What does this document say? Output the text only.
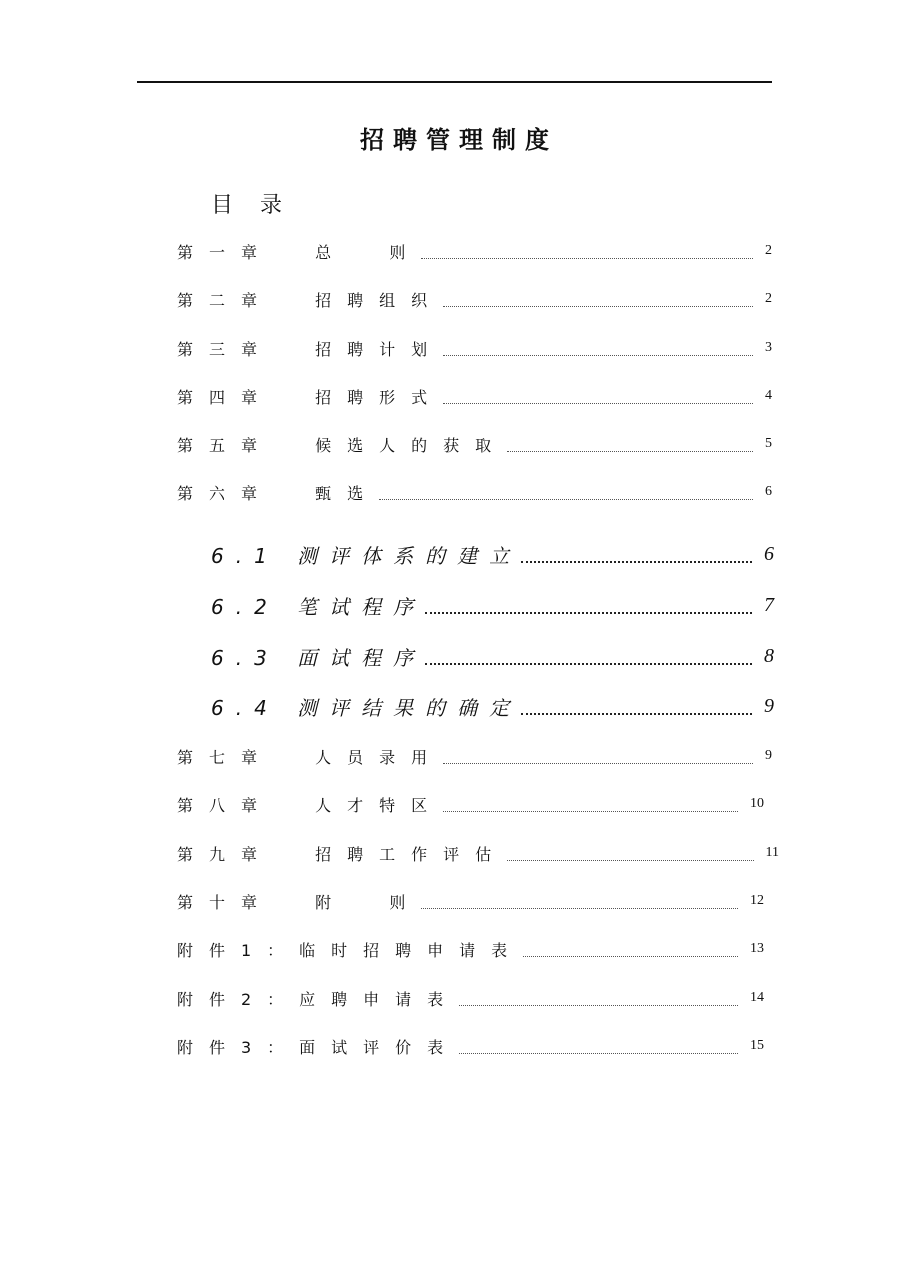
招聘管理制度
目 录
第一章  总  则	2
第二章  招聘组织	2
第三章  招聘计划	3
第四章  招聘形式	4
第五章  候选人的获取	5
第六章  甄选	6
6.1 测评体系的建立	6
6.2 笔试程序	7
6.3 面试程序	8
6.4 测评结果的确定	9
第七章  人员录用	9
第八章  人才特区	10
第九章  招聘工作评估	11
第十章  附  则	12
附件1：临时招聘申请表	13
附件2：应聘申请表	14
附件3：面试评价表	15
